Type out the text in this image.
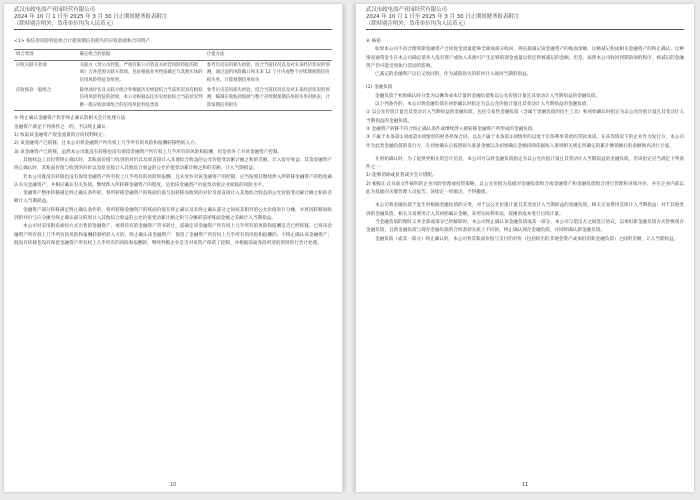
武汉市政电商产业园经营有限公司
2024 年 10 月 1 日至 2025 年 3 月 30 日止期间财务报表附注
（除特别注明外，货币单位均为人民币元）

<1> 按信用风险特征组合计提预期信用损失的应收款项和合同资产

组合类别	确定组合的依据	计提方法
应收关联方款项	关联方（母公司控股、严重有限公司者直关经营风险特征的款项）合并范围关联方款项，包括根据业务性质确定与其他实体的信用风险特征及组别。	参考历史信用损失经验，结合当前状况以及对未来经济状况的预测，通过违约风险敞口和未来 12 个月内或整个存续期预期信用损失率，计算预期信用损失
应收账款一般组合	除单项评估及关联方组合外根据历史经验结合当前状况具有相似信用风险特征的款项，本公司根据以往历史经验结合当前状况判断一般应收款项组合的信用风险特征类似	参考历史信用损失经验，结合当前状况以及对未来经济状况的预测，编制应收账款账龄与整个存续期预期信用损失率对照表，计算预期信用损失

⑤ 终止确认金融资产和非终止确认的相关会计处理方法

金融资产满足下列条件之一的，予以终止确认：

1) 收取该金融资产现金流量的合同权利终止；

2) 该金融资产已转移，且本公司将金融资产所有权上几乎所有的风险和报酬转移给转入方；

3) 该金融资产已转移，虽然本公司既没有转移也没有保留金融资产所有权上几乎所有的风险和报酬，但是放弃了对该金融资产控制。

其他权益工具投资终止确认时，其账面价值与收到的对价以及原直接计入其他综合收益的公允价值变动累计额之和的差额，计入留存收益；其余金融资产终止确认时，其账面价值与收到的对价以及原直接计入其他综合收益的公允价值变动累计额之和的差额，计入当期损益。

若本公司既没有转移也没有保留金融资产所有权上几乎所有的风险和报酬，且未放弃对该金融资产的控制，应当按照其继续涉入所转移金融资产的程度确认有关金融资产，并相应确认有关负债。继续涉入所转移金融资产的程度，是指该金融资产价值变动使企业面临的风险水平。

金融资产整体转移满足终止确认条件的，将所转移金融资产的账面价值与因转移而收到的对价及原直接计入其他综合收益的公允价值变动累计额之和的差额计入当期损益。

金融资产部分转移满足终止确认条件的，将所转移金融资产的账面价值在终止确认及未终止确认部分之间按其相对的公允价值进行分摊，并将因转移而收到的对价与应分摊至终止确认部分的原计入其他综合收益的公允价值变动累计额之和与分摊的前述账面金额之差额计入当期损益。

本公司对采用附追索权方式出售的金融资产，或将持有的金融资产背书转让，需确定该金融资产所有权上几乎所有的风险和报酬是否已经转移。已将该金融资产所有权上几乎所有的风险和报酬转移给转入方的，终止确认该金融资产；保留了金融资产所有权上几乎所有的风险和报酬的，不终止确认该金融资产；既没有转移也没有保留金融资产所有权上几乎所有的风险和报酬的，继续判断企业是否对该资产保留了控制，并根据前面各段所述的原则进行会计处理。

10
武汉市政电商产业园经营有限公司
2024 年 10 月 1 日至 2025 年 3 月 30 日止期间财务报表附注
（除特别注明外，货币单位均为人民币元）

⑥ 核销

如果本公司不再合理预期金融资产合同现金流量能够全部或部分收回，则直接减记该金融资产的账面余额。这种减记构成相关金融资产的终止确认。这种情况通常发生在本公司确定债务人没有资产或收入来源可产生足够的现金流量以偿还将被减记的金额。但是，按照本公司收回到期款项的程序，被减记的金融资产仍可能受到执行活动的影响。

已减记的金融资产以后又收回的，作为减值损失的转回计入收回当期的损益。

(2) 金融负债

金融负债于初始确认时分类为以摊余成本计量的金融负债和以公允价值计量且其变动计入当期损益的金融负债。

以下列条件的，本公司将金融负债在初始确认时指定为以公允价值计量且其变动计入当期损益的金融负债：

① 以公允价值计量且其变动计入当期损益的金融负债，包括交易性金融负债（含属于金融负债的衍生工具）和初始确认时指定为以公允价值计量且其变动计入当期损益的金融负债。

② 金融资产转移不符合终止确认条件或继续涉入被转移金融资产所形成的金融负债。

③ 不属于本条第①项或第②项情形的财务担保合同，以及不属于本条第①项情形的以低于市场利率贷款的贷款承诺。在该等情况下的企业作为发行方，本公司作为此类金融负债的发行方，在初始确认后按照损失准备金额以及初始确认金额扣除依据收入准则相关规定所确定的累计摊销额后的余额孰高进行计量。

在初始确认时，为了提供更相关的会计信息，本公司可以将金融负债指定为以公允价值计量且其变动计入当期损益的金融负债，但该指定应当满足下列条件之一：

1) 能够消除或显著减少会计错配。

2) 根据正式书面文件载明的企业风险管理或投资策略，以公允价值为基础对金融负债组合或金融资产和金融负债组合进行管理和业绩评价，并在企业内部以此为基础向关键管理人员报告。该指定一经做出，不得撤销。

本公司将金融负债于发生时根据金融负债的分类，对于以公允价值计量且其变动计入当期损益的金融负债，相关交易费用直接计入当期损益；对于其他类别的金融负债，相关交易费用计入其初始确认金额。采用实际利率法，按摊余成本进行后续计量。

当金融负债的现时义务全部或部分已经解除时，本公司终止确认该金融负债或其一部分。本公司与借出方之间签订协议，以承担新金融负债方式替换现存金融负债，且新金融负债与现存金融负债的合同条款实质上不同的，终止确认现存金融负债，并同时确认新金融负债。

金融负债（或其一部分）终止确认的，本公司将其账面价值与支付的对价（包括转出的非现金资产或承担的新金融负债）之间的差额，计入当期损益。

11
